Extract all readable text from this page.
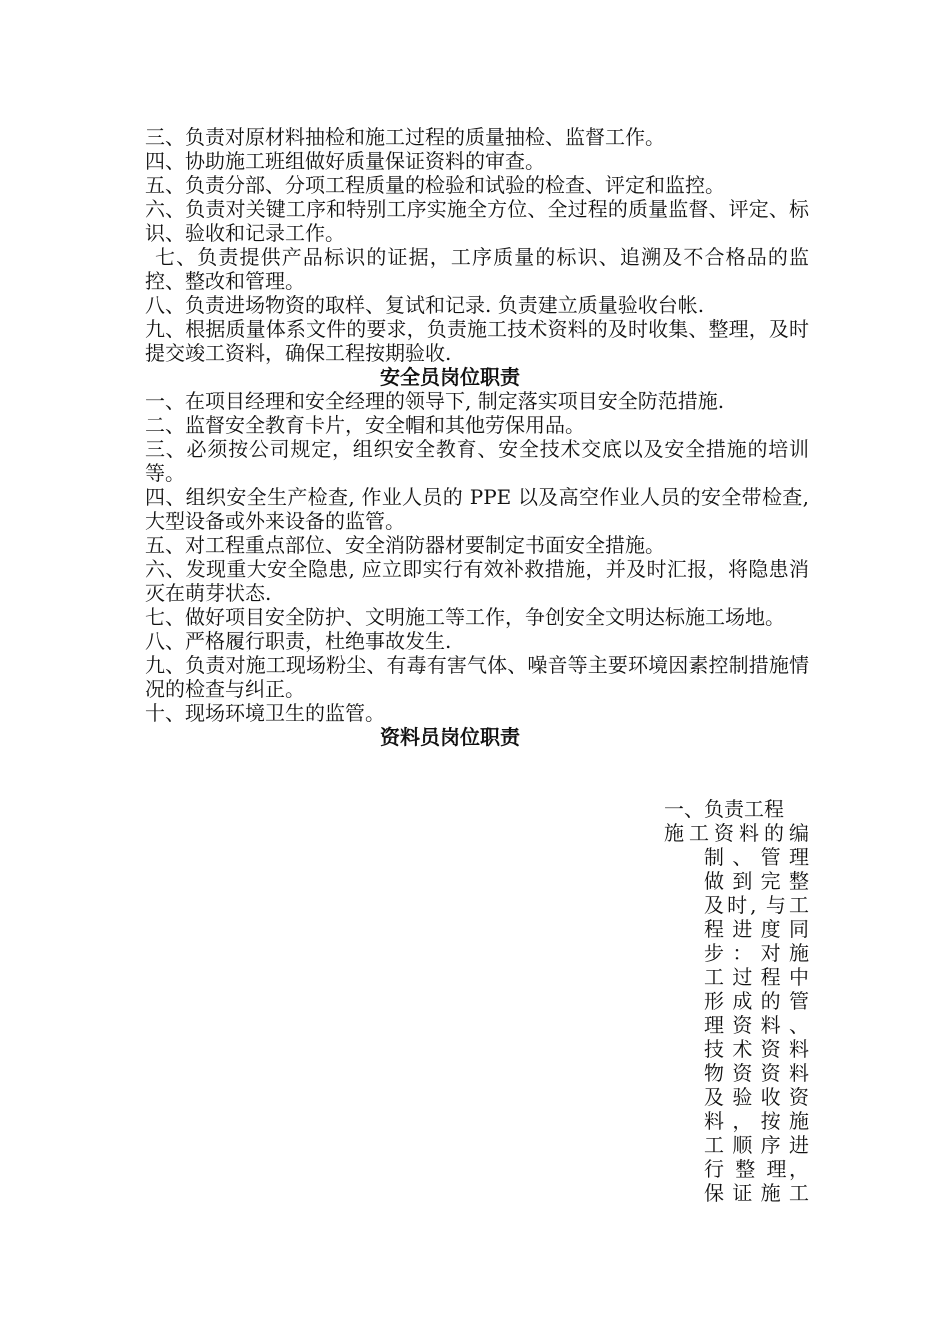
三、负责对原材料抽检和施工过程的质量抽检、监督工作。

四、协助施工班组做好质量保证资料的审查。

五、负责分部、分项工程质量的检验和试验的检查、评定和监控。

六、负责对关键工序和特别工序实施全方位、全过程的质量监督、评定、标识、验收和记录工作。

七、负责提供产品标识的证据，工序质量的标识、追溯及不合格品的监控、整改和管理。

八、负责进场物资的取样、复试和记录. 负责建立质量验收台帐.

九、根据质量体系文件的要求，负责施工技术资料的及时收集、整理，及时提交竣工资料，确保工程按期验收.

安全员岗位职责

一、在项目经理和安全经理的领导下, 制定落实项目安全防范措施.

二、监督安全教育卡片，安全帽和其他劳保用品。

三、必须按公司规定，组织安全教育、安全技术交底以及安全措施的培训等。

四、组织安全生产检查, 作业人员的 PPE 以及高空作业人员的安全带检查, 大型设备或外来设备的监管。

五、对工程重点部位、安全消防器材要制定书面安全措施。

六、发现重大安全隐患, 应立即实行有效补救措施，并及时汇报，将隐患消灭在萌芽状态.

七、做好项目安全防护、文明施工等工作，争创安全文明达标施工场地。

八、严格履行职责，杜绝事故发生.

九、负责对施工现场粉尘、有毒有害气体、噪音等主要环境因素控制措施情况的检查与纠正。

十、现场环境卫生的监管。

资料员岗位职责

一、负责工程

施工资料的编

制、管理

做到完整

及时, 与工

程进度同

步：对施

工过程中

形成的管

理资料、

技术资料

物资资料

及验收资

料，按施

工顺序进

行 整 理，

保证施工
